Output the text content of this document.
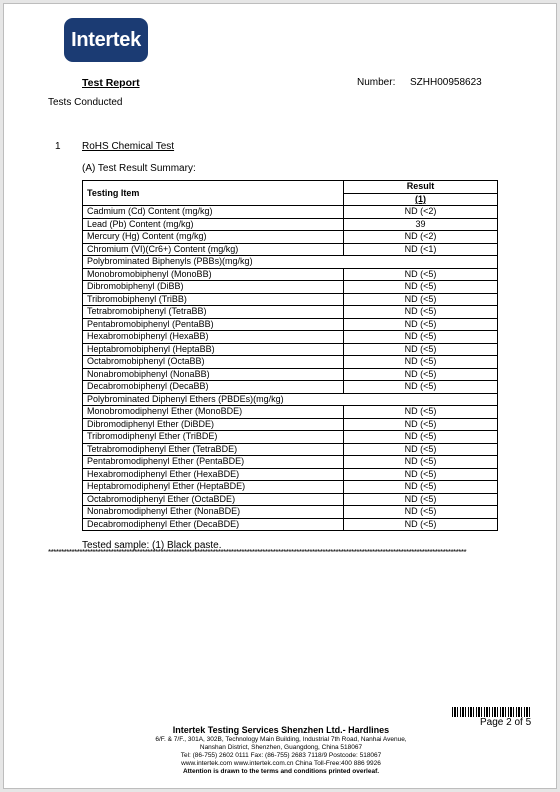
Intertek
Test Report	Number: SZHH00958623
Tests Conducted
1 RoHS Chemical Test
(A) Test Result Summary:
Testing Item	Result
	(1)
Cadmium (Cd) Content (mg/kg)	ND (<2)
Lead (Pb) Content (mg/kg)	39
Mercury (Hg) Content (mg/kg)	ND (<2)
Chromium (VI)(Cr6+) Content (mg/kg)	ND (<1)
Polybrominated Biphenyls (PBBs)(mg/kg)	
Monobromobiphenyl (MonoBB)	ND (<5)
Dibromobiphenyl (DiBB)	ND (<5)
Tribromobiphenyl (TriBB)	ND (<5)
Tetrabromobiphenyl (TetraBB)	ND (<5)
Pentabromobiphenyl (PentaBB)	ND (<5)
Hexabromobiphenyl (HexaBB)	ND (<5)
Heptabromobiphenyl (HeptaBB)	ND (<5)
Octabromobiphenyl (OctaBB)	ND (<5)
Nonabromobiphenyl (NonaBB)	ND (<5)
Decabromobiphenyl (DecaBB)	ND (<5)
Polybrominated Diphenyl Ethers (PBDEs)(mg/kg)	
Monobromodiphenyl Ether (MonoBDE)	ND (<5)
Dibromodiphenyl Ether (DiBDE)	ND (<5)
Tribromodiphenyl Ether (TriBDE)	ND (<5)
Tetrabromodiphenyl Ether (TetraBDE)	ND (<5)
Pentabromodiphenyl Ether (PentaBDE)	ND (<5)
Hexabromodiphenyl Ether (HexaBDE)	ND (<5)
Heptabromodiphenyl Ether (HeptaBDE)	ND (<5)
Octabromodiphenyl Ether (OctaBDE)	ND (<5)
Nonabromodiphenyl Ether (NonaBDE)	ND (<5)
Decabromodiphenyl Ether (DecaBDE)	ND (<5)
Tested sample: (1) Black paste.
****************************************************************************************************************************************************************
Page 2 of 5
Intertek Testing Services Shenzhen Ltd.- Hardlines
6/F. & 7/F., 301A, 302B, Technology Main Building, Industrial 7th Road, Nanhai Avenue,
Nanshan District, Shenzhen, Guangdong, China 518067
Tel: (86-755) 2602 0111 Fax: (86-755) 2683 7118/9 Postcode: 518067
www.intertek.com www.intertek.com.cn China Toll-Free:400 886 9926
Attention is drawn to the terms and conditions printed overleaf.
